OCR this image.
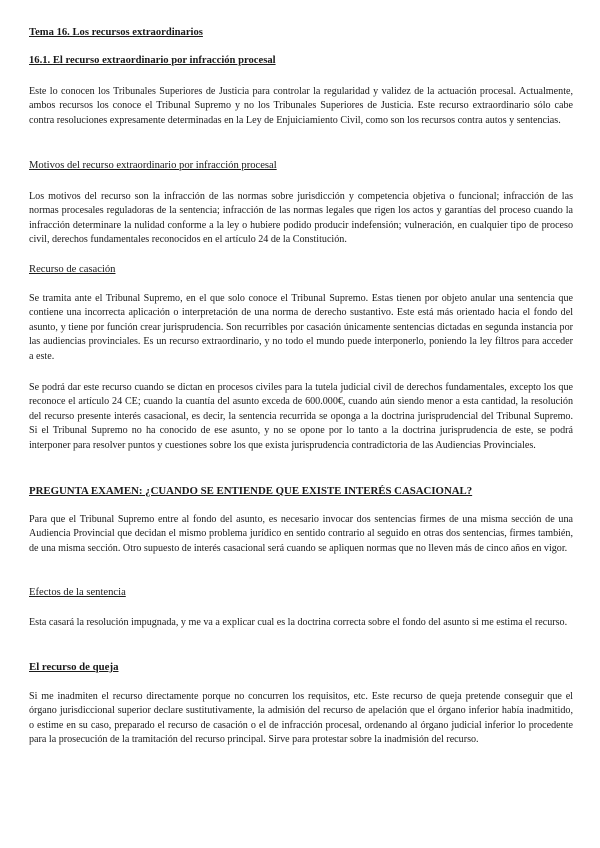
Tema 16. Los recursos extraordinarios

16.1. El recurso extraordinario por infracción procesal

Este lo conocen los Tribunales Superiores de Justicia para controlar la regularidad y validez de la actuación procesal. Actualmente, ambos recursos los conoce el Tribunal Supremo y no los Tribunales Superiores de Justicia. Este recurso extraordinario sólo cabe contra resoluciones expresamente determinadas en la Ley de Enjuiciamiento Civil, como son los recursos contra autos y sentencias.

Motivos del recurso extraordinario por infracción procesal

Los motivos del recurso son la infracción de las normas sobre jurisdicción y competencia objetiva o funcional; infracción de las normas procesales reguladoras de la sentencia; infracción de las normas legales que rigen los actos y garantías del proceso cuando la infracción determinare la nulidad conforme a la ley o hubiere podido producir indefensión; vulneración, en cualquier tipo de proceso civil, derechos fundamentales reconocidos en el artículo 24 de la Constitución.

Recurso de casación

Se tramita ante el Tribunal Supremo, en el que solo conoce el Tribunal Supremo. Estas tienen por objeto anular una sentencia que contiene una incorrecta aplicación o interpretación de una norma de derecho sustantivo. Este está más orientado hacia el fondo del asunto, y tiene por función crear jurisprudencia. Son recurribles por casación únicamente sentencias dictadas en segunda instancia por las audiencias provinciales. Es un recurso extraordinario, y no todo el mundo puede interponerlo, poniendo la ley filtros para acceder a este.

Se podrá dar este recurso cuando se dictan en procesos civiles para la tutela judicial civil de derechos fundamentales, excepto los que reconoce el artículo 24 CE; cuando la cuantía del asunto exceda de 600.000€, cuando aún siendo menor a esta cantidad, la resolución del recurso presente interés casacional, es decir, la sentencia recurrida se oponga a la doctrina jurisprudencial del Tribunal Supremo. Si el Tribunal Supremo no ha conocido de ese asunto, y no se opone por lo tanto a la doctrina jurisprudencia de este, se podrá interponer para resolver puntos y cuestiones sobre los que exista jurisprudencia contradictoria de las Audiencias Provinciales.

PREGUNTA EXAMEN: ¿CUANDO SE ENTIENDE QUE EXISTE INTERÉS CASACIONAL?

Para que el Tribunal Supremo entre al fondo del asunto, es necesario invocar dos sentencias firmes de una misma sección de una Audiencia Provincial que decidan el mismo problema jurídico en sentido contrario al seguido en otras dos sentencias, firmes también, de una misma sección. Otro supuesto de interés casacional será cuando se apliquen normas que no lleven más de cinco años en vigor.

Efectos de la sentencia

Esta casará la resolución impugnada, y me va a explicar cual es la doctrina correcta sobre el fondo del asunto si me estima el recurso.

El recurso de queja

Si me inadmiten el recurso directamente porque no concurren los requisitos, etc. Este recurso de queja pretende conseguir que el órgano jurisdiccional superior declare sustitutivamente, la admisión del recurso de apelación que el órgano inferior había inadmitido, o estime en su caso, preparado el recurso de casación o el de infracción procesal, ordenando al órgano judicial inferior lo procedente para la prosecución de la tramitación del recurso principal. Sirve para protestar sobre la inadmisión del recurso.
